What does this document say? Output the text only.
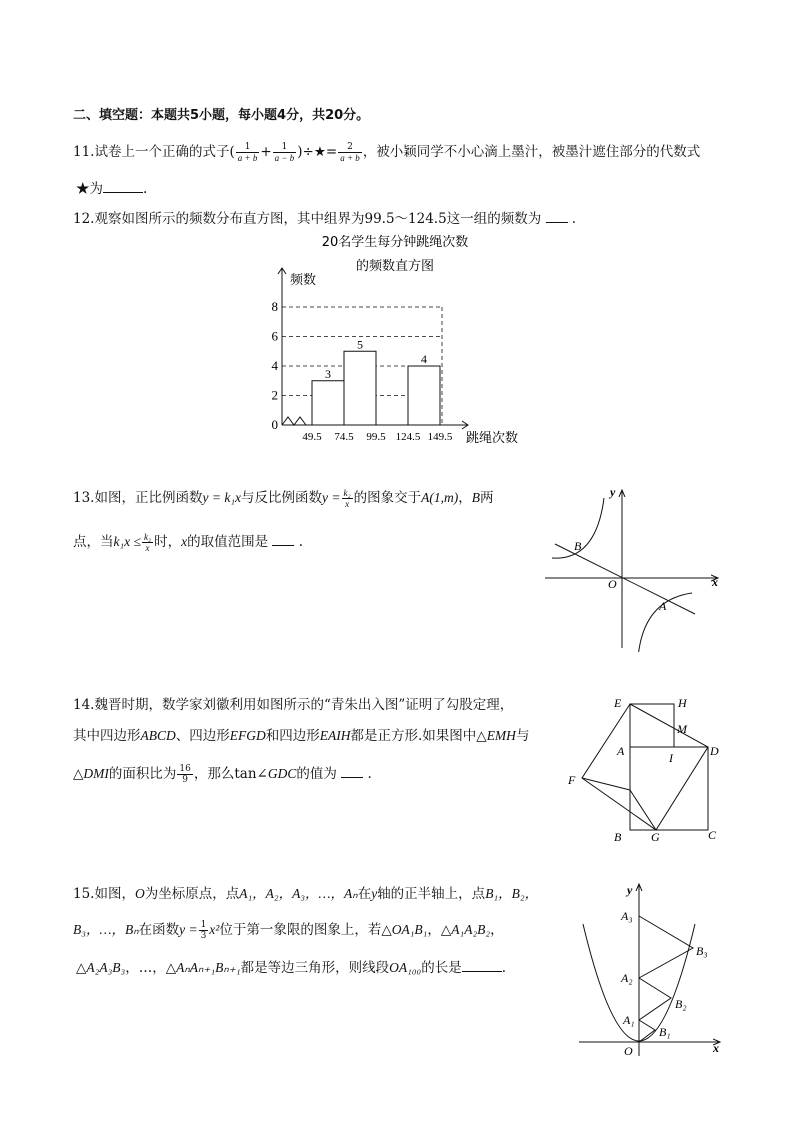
二、填空题：本题共5小题，每小题4分，共20分。
11.试卷上一个正确的式子( $\frac{1}{a + b} + \frac{1}{a - b}$ )÷★= $\frac{2}{a + b}$ ，被小颖同学不小心滴上墨汁，被墨汁遮住部分的代数式
★为	.
12.观察如图所示的频数分布直方图，其中组界为99.5～124.5这一组的频数为 .
20名学生每分钟跳绳次数
的频数直方图
频数
跳绳次数
0
2
4
6
8
49.5 74.5 99.5 124.5 149.5
3
5
4
13.如图，正比例函数y = k₁x与反比例函数$y = \frac{\text{k₂}}{x}$ 的图象交于A(1,m)，B两
点，当$k_1x \le \frac{\text{k₂}}{x}$ 时，x的取值范围是 .
x
y
O
A
B
14.魏晋时期，数学家刘徽利用如图所示的“青朱出入图”证明了勾股定理，
其中四边形ABCD、四边形EFGD和四边形EAIH都是正方形.如果图中△EMH与
△DMI的面积比为 $\frac{16}{9}$ ，那么tan∠GDC的值为 .
E	H
M
A	D
I
F
B G	C
15.如图，O为坐标原点，点A₁，A₂，A₃，…，Aₙ在y轴的正半轴上，点B₁，B₂，
B₃，…，Bₙ在函数$y = \frac{1}{3} x^2$位于第一象限的图象上，若△OA₁B₁，△A₁A₂B₂，
△A₂A₃B₃，…，△AₙAₙ₊₁Bₙ₊₁都是等边三角形，则线段OA₁₀₀的长是	.
x
y
O
A₁
A₂
A₃
B₁
B₂
B₃
